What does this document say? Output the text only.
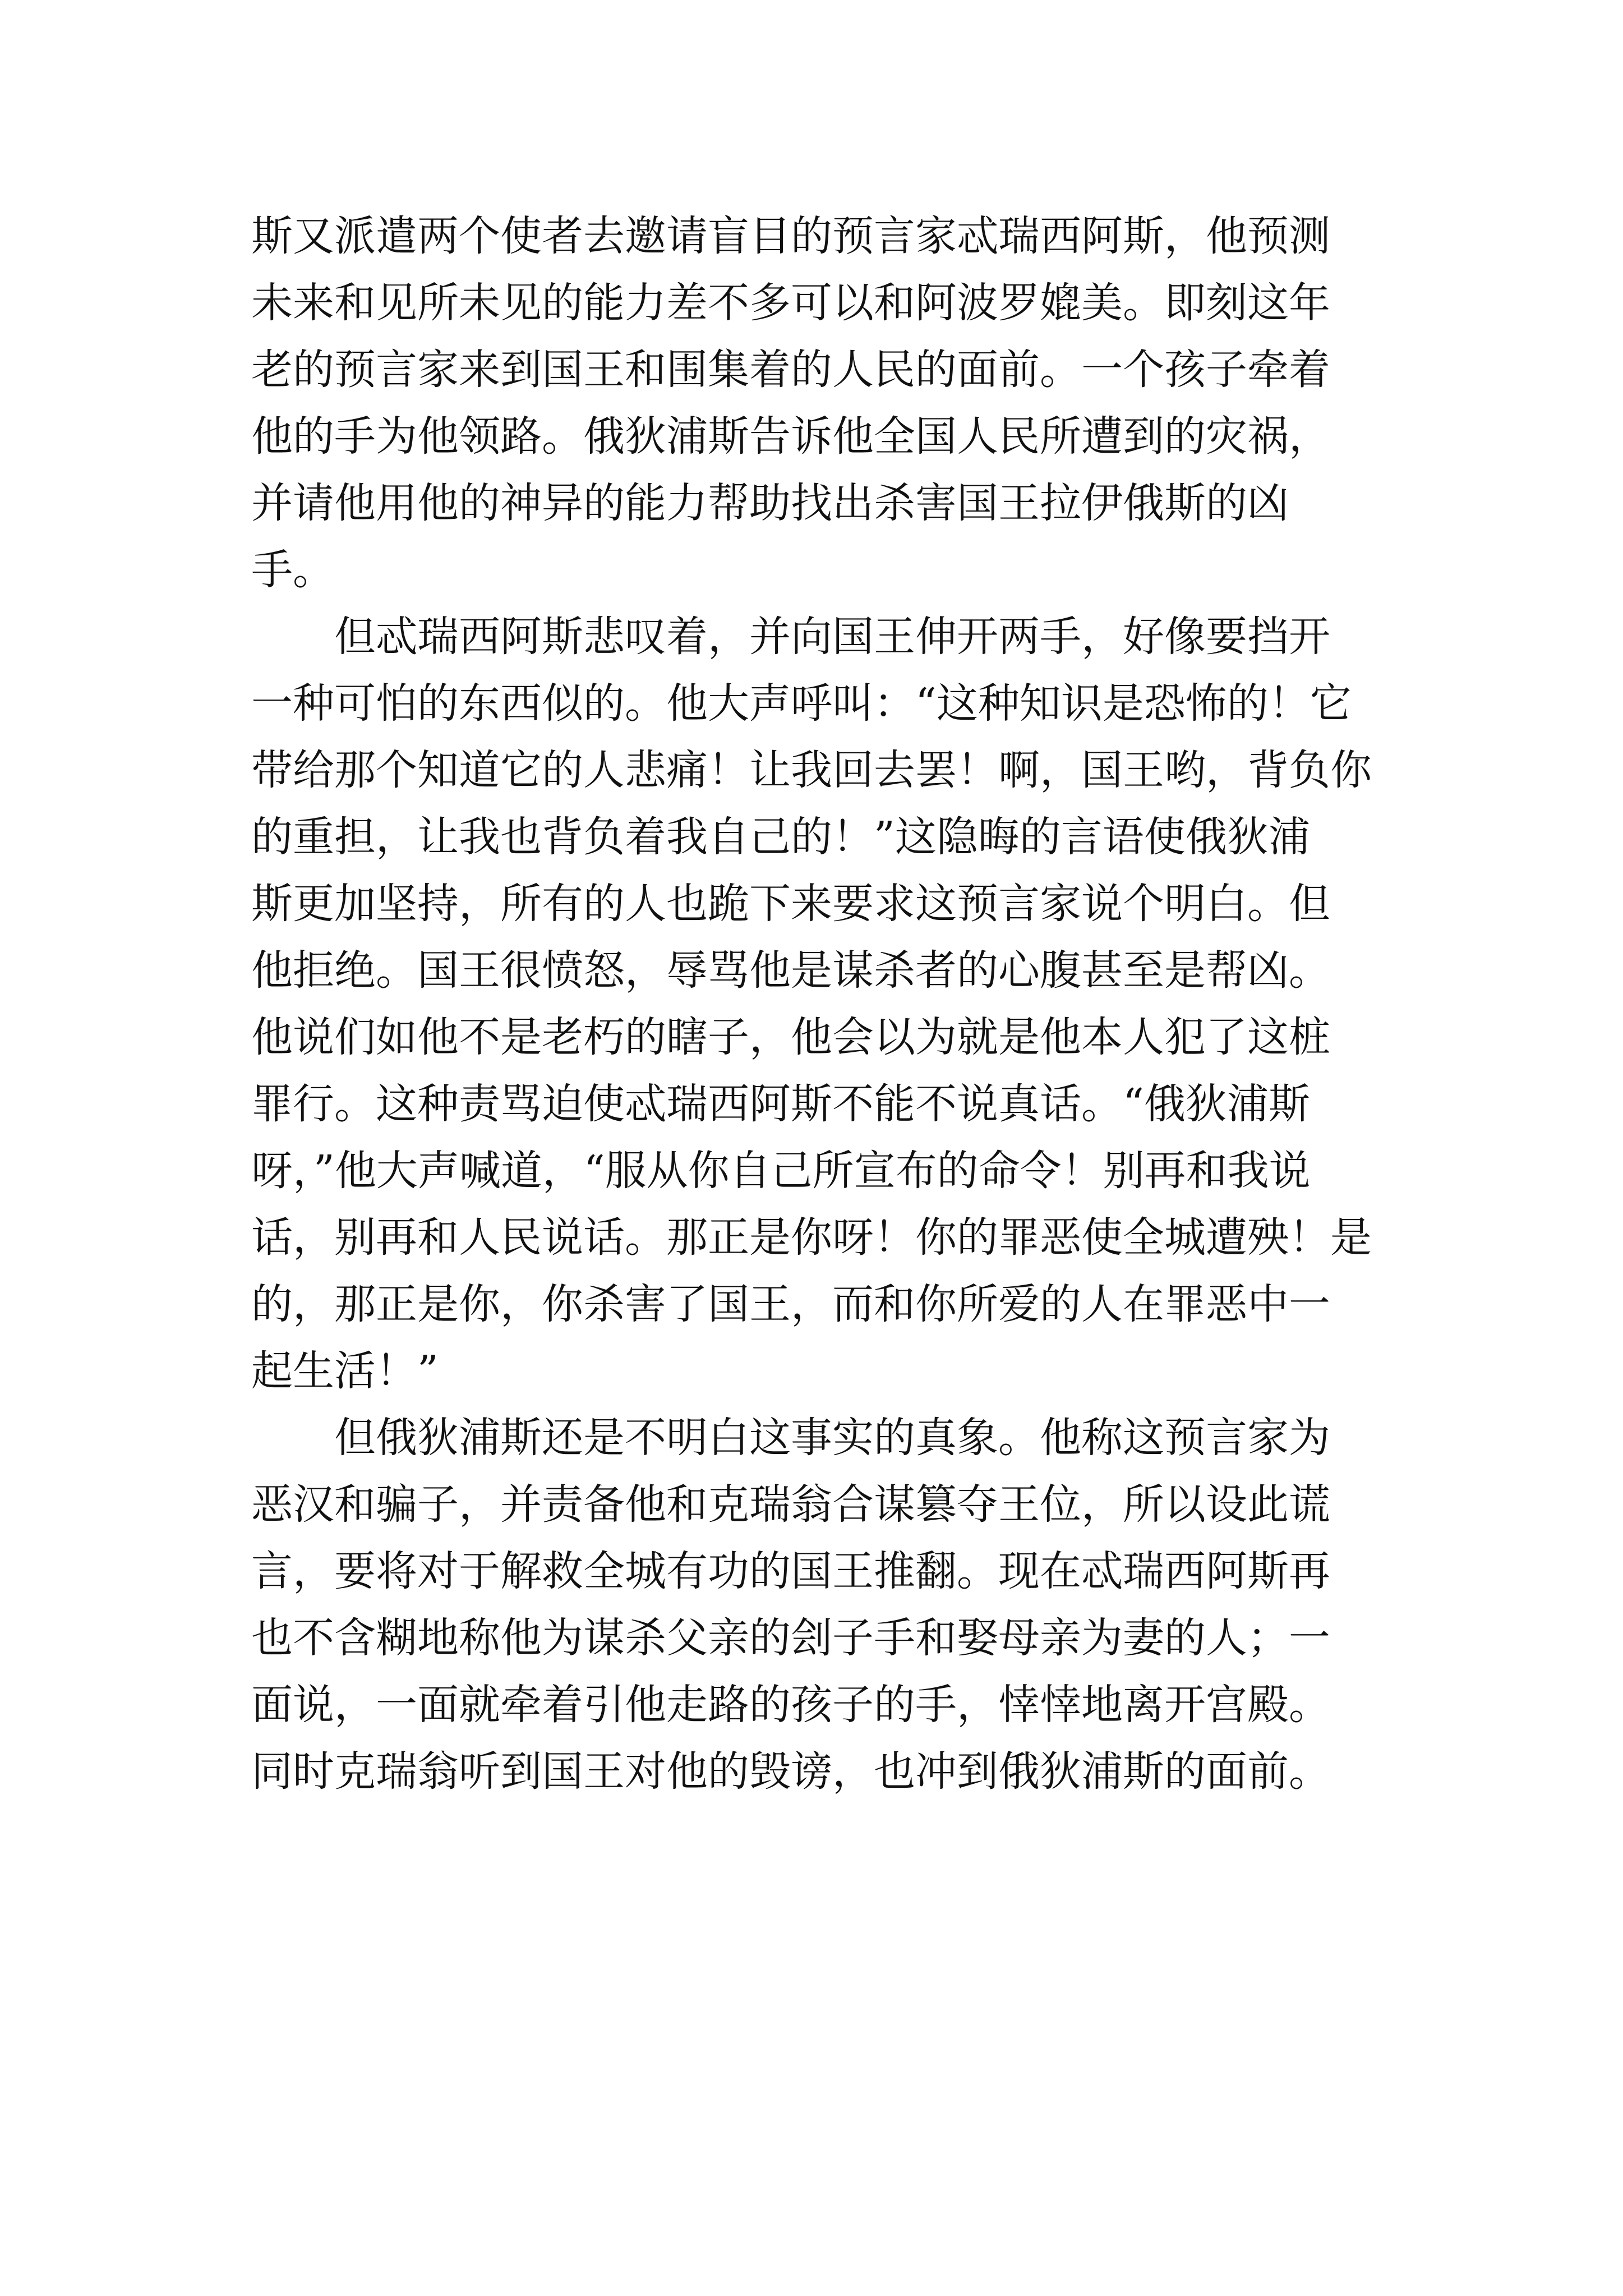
斯又派遣两个使者去邀请盲目的预言家忒瑞西阿斯，他预测
未来和见所未见的能力差不多可以和阿波罗媲美。即刻这年
老的预言家来到国王和围集着的人民的面前。一个孩子牵着
他的手为他领路。俄狄浦斯告诉他全国人民所遭到的灾祸，
并请他用他的神异的能力帮助找出杀害国王拉伊俄斯的凶
手。
但忒瑞西阿斯悲叹着，并向国王伸开两手，好像要挡开
一种可怕的东西似的。他大声呼叫：“这种知识是恐怖的！它
带给那个知道它的人悲痛！让我回去罢！啊，国王哟，背负你
的重担，让我也背负着我自己的！”这隐晦的言语使俄狄浦
斯更加坚持，所有的人也跪下来要求这预言家说个明白。但
他拒绝。国王很愤怒，辱骂他是谋杀者的心腹甚至是帮凶。
他说们如他不是老朽的瞎子，他会以为就是他本人犯了这桩
罪行。这种责骂迫使忒瑞西阿斯不能不说真话。“俄狄浦斯
呀，”他大声喊道，“服从你自己所宣布的命令！别再和我说
话，别再和人民说话。那正是你呀！你的罪恶使全城遭殃！是
的，那正是你，你杀害了国王，而和你所爱的人在罪恶中一
起生活！”
但俄狄浦斯还是不明白这事实的真象。他称这预言家为
恶汉和骗子，并责备他和克瑞翁合谋篡夺王位，所以设此谎
言，要将对于解救全城有功的国王推翻。现在忒瑞西阿斯再
也不含糊地称他为谋杀父亲的刽子手和娶母亲为妻的人；一
面说，一面就牵着引他走路的孩子的手，悻悻地离开宫殿。
同时克瑞翁听到国王对他的毁谤，也冲到俄狄浦斯的面前。
